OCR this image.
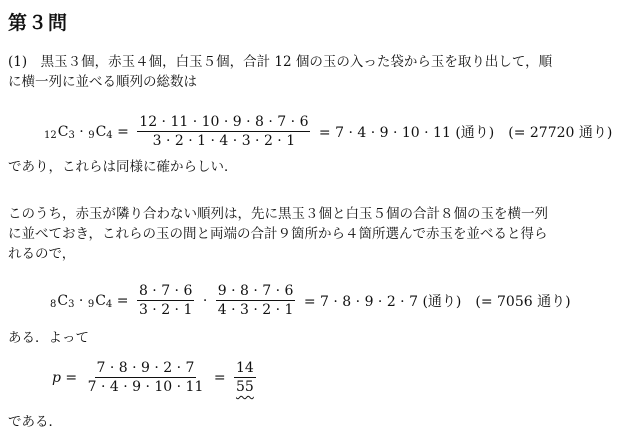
第３問
(1)　黒玉３個，赤玉４個，白玉５個，合計 12 個の玉の入った袋から玉を取り出して，順
に横一列に並べる順列の総数は
12 C 3 · 9 C $4 = \frac{12 \cdot 11 \cdot 10 \cdot 9 \cdot 8 \cdot 7 \cdot 6}{3 \cdot 2 \cdot 1 \cdot 4 \cdot 3 \cdot 2 \cdot 1} = 7 \cdot 4 \cdot 9 \cdot 10 \cdot 11$ (通り) (= 27720 通り)
であり，これらは同様に確からしい．
このうち，赤玉が隣り合わない順列は，先に黒玉３個と白玉５個の合計８個の玉を横一列
に並べておき，これらの玉の間と両端の合計９箇所から４箇所選んで赤玉を並べると得ら
れるので，
8 C 3 · 9 C $4 = \frac{8 \cdot 7 \cdot 6}{3 \cdot 2 \cdot 1} \cdot \frac{9 \cdot 8 \cdot 7 \cdot 6}{4 \cdot 3 \cdot 2 \cdot 1} = 7 \cdot 8 \cdot 9 \cdot 2 \cdot 7$ (通り) (= 7056 通り)
ある．よって
$p = \frac{7 \cdot 8 \cdot 9 \cdot 2 \cdot 7}{7 \cdot 4 \cdot 9 \cdot 10 \cdot 11} = \frac{14}{55}$
である．
